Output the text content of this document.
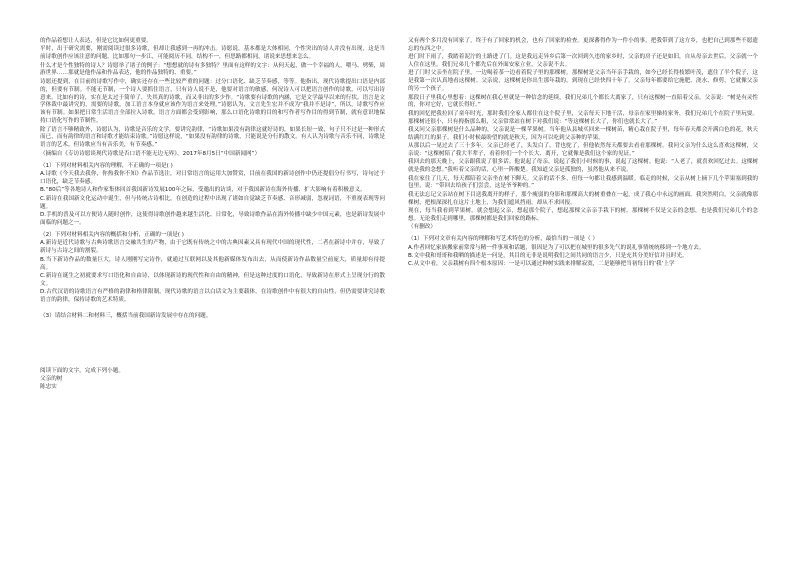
的作品着想让人表达，但是它比如何更重要。

平时，出于研究需要，刚需阅读过很多诗歌，但却让我感到一再的冲击。诗愿说，基本都是大体相同，个性突出的诗人并没有出现，这是当前诗歌创作应该注意的问题，比如那句一步江，可能阅历不同，结构不一，但思路都相同，诸说来思想来怎么。

什么才是个性独特的诗人？诗愿举了诸子的例子：“想想就的诗有多独特？里面有这样的文字：从何天起，做一个幸福的人，喂马、劈柴，周游世界……那就是他作品和作品表达，他的作品独特的、重要。”

诗愿还提到，在目前的诗歌写作中，确实还存在一些比较严重的问题：过分口语化、缺乏节奏感，等等。他指出，现代诗歌提出口语是内部的，但要有节制。不能无节制，一个诗人要抓住语言，只有诗人说不是，他要对语言的敏感，何况诗人可以把语言创作的诗歌，可以写出诗意来。比如有的诗，实在是太过于简单了，失其真的诗歌，而又非出的多少作。“诗歌要有诗歌的内涵，它是文学最早以来的行状，语言是文学体裁中最讲究的，需要的诗歌，加工语言本身就应该作为语言来处理。”诗愿认为，文言先生宏并不成为“我并不是诗”，所以，诗歌写作应该有节制。如果把日常生活语言全部拉入诗歌，语言方面都会受到影响，那么口语化诗歌的目的和写作者写作目的得到节制，就有意识地保持口语化写作的节制性。

除了语言不够精致外，诗愿认为，诗歌是音乐的文学，要讲究韵律，“诗歌如果没有韵律这就好诗的，如果长短一致，句子只不过是一种形式而已，而有韵律的语言和诗歌才能结束诗歌。”诗愿这样说，“如果没有韵律的诗歌，只能说是分行的散文。有人认为诗歌与音乐不同，诗歌是语言的艺术，但诗歌应当有音乐美，有节奏感。”

（摘编自《专访诗愿谈现代诗歌是否口语不能无边无界》，2017年8月5日“中国新闻网”）

（1）下列对材料相关内容的理解，不正确的一项是( )

A.诗歌《今天我去我你，你热我你不知》作品节选注，对日常语言的运用大加赞赏，目前在我国的新诗创作中仍还提倡分行书写，诗句过于口语化，缺乏节奏感。

B.“80后”等各地诗人和作家集体回首我国新诗发展100年之际，受邀出的访谈，对于我国新诗在海外传播、扩大影响有着积极意义。

C.新诗在我国新文化运动中诞生，但与传统古诗相比，在创造的过程中出现了诸如自觉缺乏节奏感、音形减弱，忽视词语，不重视表现等问题。

D.手机的普及可以方便诗人随时创作，这使得诗歌创作越来越生活化、日常化，导致诗歌作品在海外传播中缺少中国元素，也是新诗发展中面临的问题之一。

（2）下列对材料相关内容的概括和分析，正确的一项是( )

A.新诗是近代诗歌与古典诗歌语言交融共生的产物，由于它既有传统之中的古典因素又具有现代中国的现代性，二者在新诗中并存，导致了新诗与古诗之间的割裂。

B.当下新诗作品的数量巨大，诗人刚刚写完诗作，就通过互联网以及其他新媒体发布出去，从而使新诗作品数量空前庞大，质量却有待提高。

C.新诗在诞生之初就要求写口语化和自由诗，以体现新诗的现代性和自由的精神，但是这种过度的口语化，导致新诗在形式上呈现分行的散文。

D.古代汉语的诗歌语言有严格的韵律和格律限制，现代诗歌的语言以白话文为主要载体，在诗歌创作中有很大的自由性，但仍需要讲究诗歌语言的韵律，保持诗歌的艺术特质。

（3）请结合材料二和材料三，概括当前我国新诗发展中存在的问题。

阅读下面的文字，完成下列小题。

父亲的树

陈忠实

又有两个多月没有回家了，终于有了回家的机会，也有了回家的检查。更深蕃得作为一件小的事，把我带到了这方乡，也把自己到那些不愿遗忘的东西之中。

进门时下雨了，我踏着泥泞的土路进了门。这是我远走异乡后第一次回到久违的家乡时，父亲的房子还是如旧，自从母亲去世后，父亲就一个人住在这里。我们兄弟几个都先后在外面安家立业，父亲说不去。

进了门时父亲坐在院子里，一边喝着茶一边看着院子里的那棵树。那棵树是父亲当年亲手栽的，如今已经长得枝繁叶茂，遮住了半个院子，这是我第一次认真地看这棵树。父亲说，这棵树是你出生那年栽的，到现在已经快四十年了。父亲每年都要给它施肥、浇水、修剪，它就像父亲的另一个孩子。

那段日子里我心里想着：这棵树在我心里就是一种信念的延续，我们兄弟几个都长大离家了，只有这棵树一直陪着父亲。父亲说：“树是有灵性的，你对它好，它就长得好。”

我的回忆把我拉回了童年时光，那时我们全家人都住在这个院子里，父亲每天下地干活，母亲在家里操持家务，我们兄弟几个在院子里玩耍。那棵树还很小，只有拇指那么粗，父亲常常站在树下对我们说：“等这棵树长大了，你们也就长大了。”

我又问父亲那棵树是什么品种的，父亲说是一棵苹果树。当年他从县城买回来一棵树苗，精心栽在院子里，每年春天都会开满白色的花，秋天结满红红的果子。我们小时候最盼望的就是秋天，因为可以吃到父亲种的苹果。

从那以后一晃过去了三十多年。父亲已经老了，头发白了，背也驼了，但他依然每天都要去看看那棵树。我问父亲为什么这么喜欢这棵树，父亲说：“这棵树陪了我大半辈子，看着你们一个个长大、离开，它就像是我们这个家的见证。”

我回去的那天晚上，父亲跟我说了很多话。他说起了母亲，说起了我们小时候的事，说起了这棵树。他说：“人老了，就喜欢回忆过去。这棵树就是我的念想。”我听着父亲的话，心里一阵酸楚。我知道父亲是孤独的，虽然他从来不说。

我在家住了几天，每天都陪着父亲坐在树下聊天。父亲的话不多，但每一句都让我感到温暖。临走的时候，父亲从树上摘下几个苹果塞到我的包里，说：“带回去给孩子们尝尝，这是爷爷种的。”

我无法忘记父亲站在树下目送我离开的样子，那个瘦弱的身影和那棵高大的树重叠在一起，成了我心中永远的画面。我突然明白，父亲就像那棵树，把根深深扎在这片土地上，为我们遮风挡雨，却从不求回报。

现在，每当我看到苹果树，就会想起父亲，想起那个院子，想起那棵父亲亲手栽下的树。那棵树不仅是父亲的念想，也是我们兄弟几个的念想。无论我们走到哪里，那棵树都是我们回家的路标。

（有删改）

（1）下列对文章有关内容的理解和写艺术特色的分析，最恰当的一项是（ ）

A.作者回忆家族搬家前常常与精一件事项和话题，很因是为了可以把在城里的很多先气的说礼事情统统移到一个地方去。

B.文中我和哥哥和我晒的描述是一问是，其目的无非是说明我们之间共同的语言少，只是充其分美好信并且时光。

C.从文中看，父亲栽树有四个根本原因：一是可以通过种树实践来排解寂寞，二是能够把当初每日的‘我’上学
